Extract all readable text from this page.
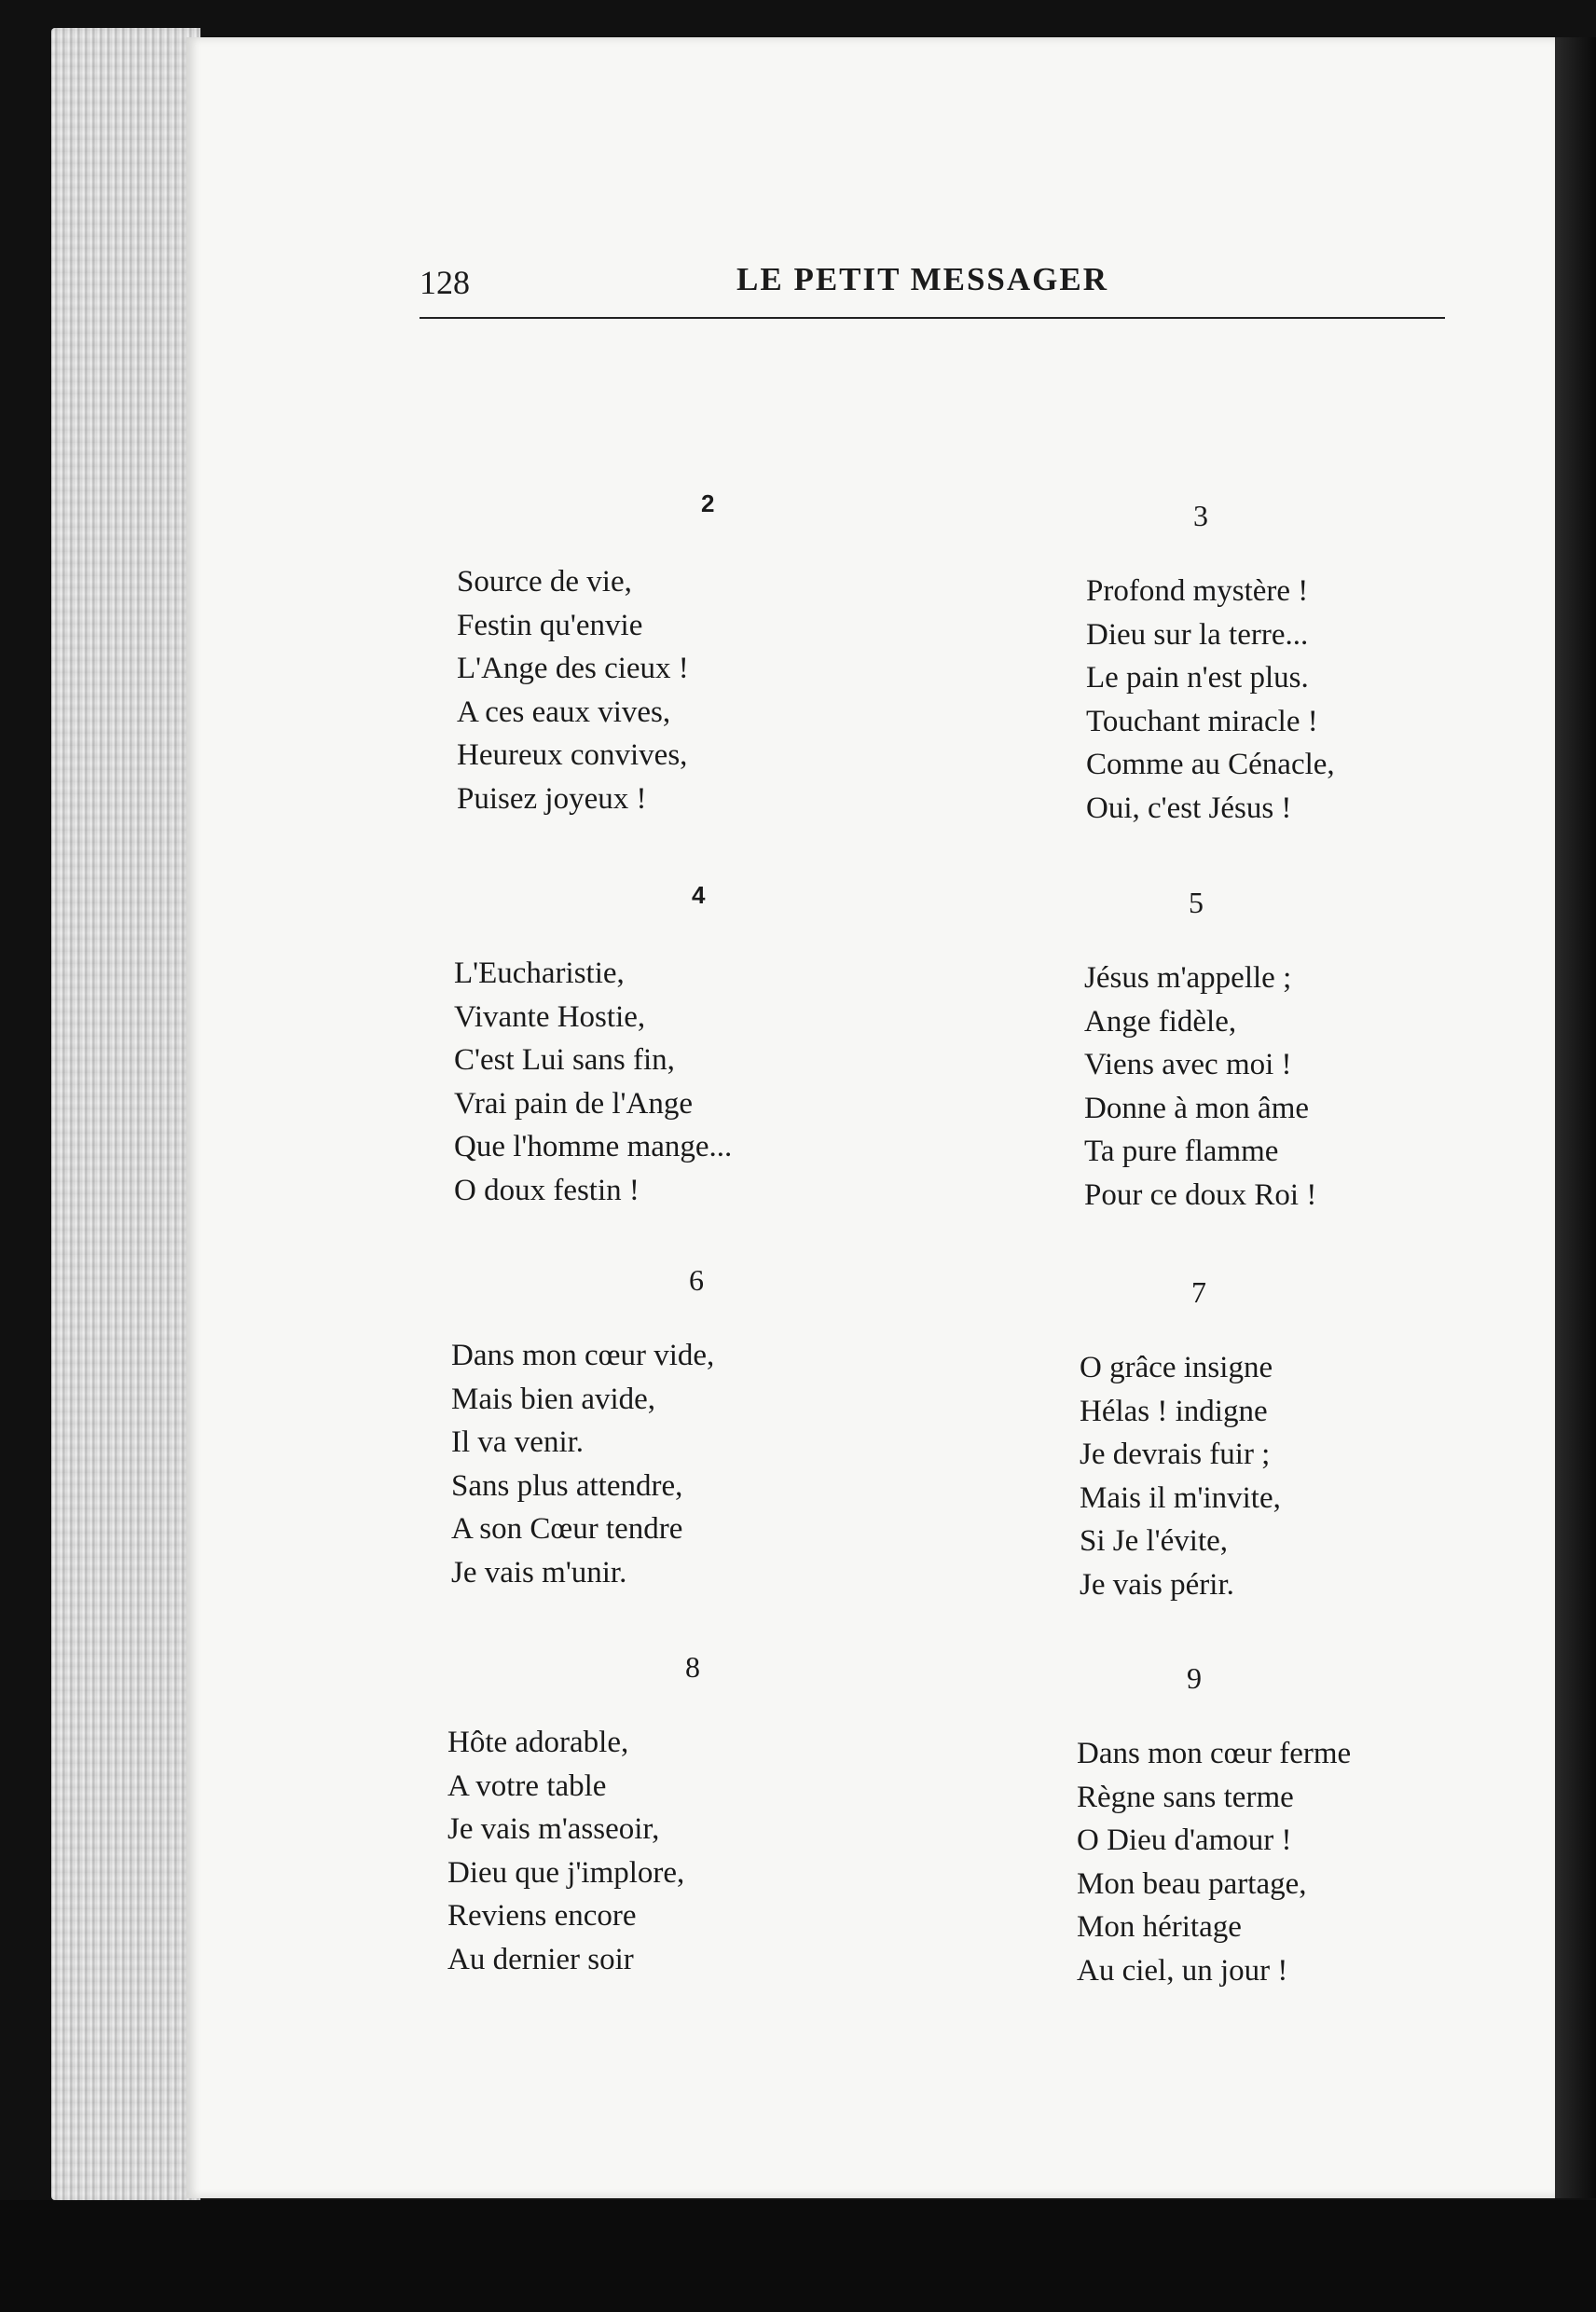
128	LE PETIT MESSAGER
2
Source de vie,
Festin qu'envie
L'Ange des cieux !
A ces eaux vives,
Heureux convives,
Puisez joyeux !
3
Profond mystère !
Dieu sur la terre...
Le pain n'est plus.
Touchant miracle !
Comme au Cénacle,
Oui, c'est Jésus !
4
L'Eucharistie,
Vivante Hostie,
C'est Lui sans fin,
Vrai pain de l'Ange
Que l'homme mange...
O doux festin !
5
Jésus m'appelle ;
Ange fidèle,
Viens avec moi !
Donne à mon âme
Ta pure flamme
Pour ce doux Roi !
6
Dans mon cœur vide,
Mais bien avide,
Il va venir.
Sans plus attendre,
A son Cœur tendre
Je vais m'unir.
7
O grâce insigne
Hélas ! indigne
Je devrais fuir ;
Mais il m'invite,
Si Je l'évite,
Je vais périr.
8
Hôte adorable,
A votre table
Je vais m'asseoir,
Dieu que j'implore,
Reviens encore
Au dernier soir
9
Dans mon cœur ferme
Règne sans terme
O Dieu d'amour !
Mon beau partage,
Mon héritage
Au ciel, un jour !
